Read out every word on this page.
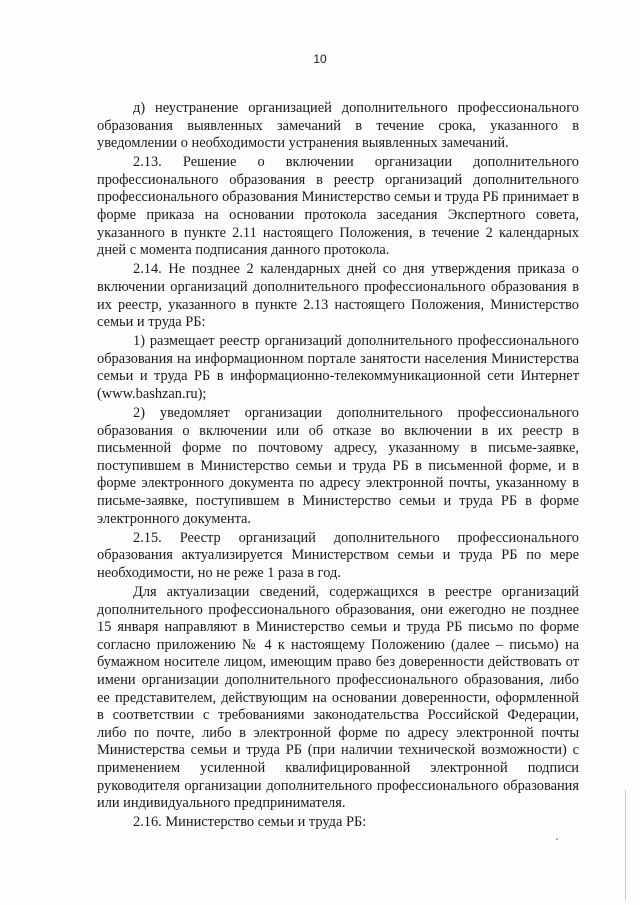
10

д) неустранение организацией дополнительного профессионального образования выявленных замечаний в течение срока, указанного в уведомлении о необходимости устранения выявленных замечаний.

2.13. Решение о включении организации дополнительного профессионального образования в реестр организаций дополнительного профессионального образования Министерство семьи и труда РБ принимает в форме приказа на основании протокола заседания Экспертного совета, указанного в пункте 2.11 настоящего Положения, в течение 2 календарных дней с момента подписания данного протокола.

2.14. Не позднее 2 календарных дней со дня утверждения приказа о включении организаций дополнительного профессионального образования в их реестр, указанного в пункте 2.13 настоящего Положения, Министерство семьи и труда РБ:

1) размещает реестр организаций дополнительного профессионального образования на информационном портале занятости населения Министерства семьи и труда РБ в информационно-телекоммуникационной сети Интернет (www.bashzan.ru);

2) уведомляет организации дополнительного профессионального образования о включении или об отказе во включении в их реестр в письменной форме по почтовому адресу, указанному в письме-заявке, поступившем в Министерство семьи и труда РБ в письменной форме, и в форме электронного документа по адресу электронной почты, указанному в письме-заявке, поступившем в Министерство семьи и труда РБ в форме электронного документа.

2.15. Реестр организаций дополнительного профессионального образования актуализируется Министерством семьи и труда РБ по мере необходимости, но не реже 1 раза в год.

Для актуализации сведений, содержащихся в реестре организаций дополнительного профессионального образования, они ежегодно не позднее 15 января направляют в Министерство семьи и труда РБ письмо по форме согласно приложению № 4 к настоящему Положению (далее – письмо) на бумажном носителе лицом, имеющим право без доверенности действовать от имени организации дополнительного профессионального образования, либо ее представителем, действующим на основании доверенности, оформленной в соответствии с требованиями законодательства Российской Федерации, либо по почте, либо в электронной форме по адресу электронной почты Министерства семьи и труда РБ (при наличии технической возможности) с применением усиленной квалифицированной электронной подписи руководителя организации дополнительного профессионального образования или индивидуального предпринимателя.

2.16. Министерство семьи и труда РБ:
